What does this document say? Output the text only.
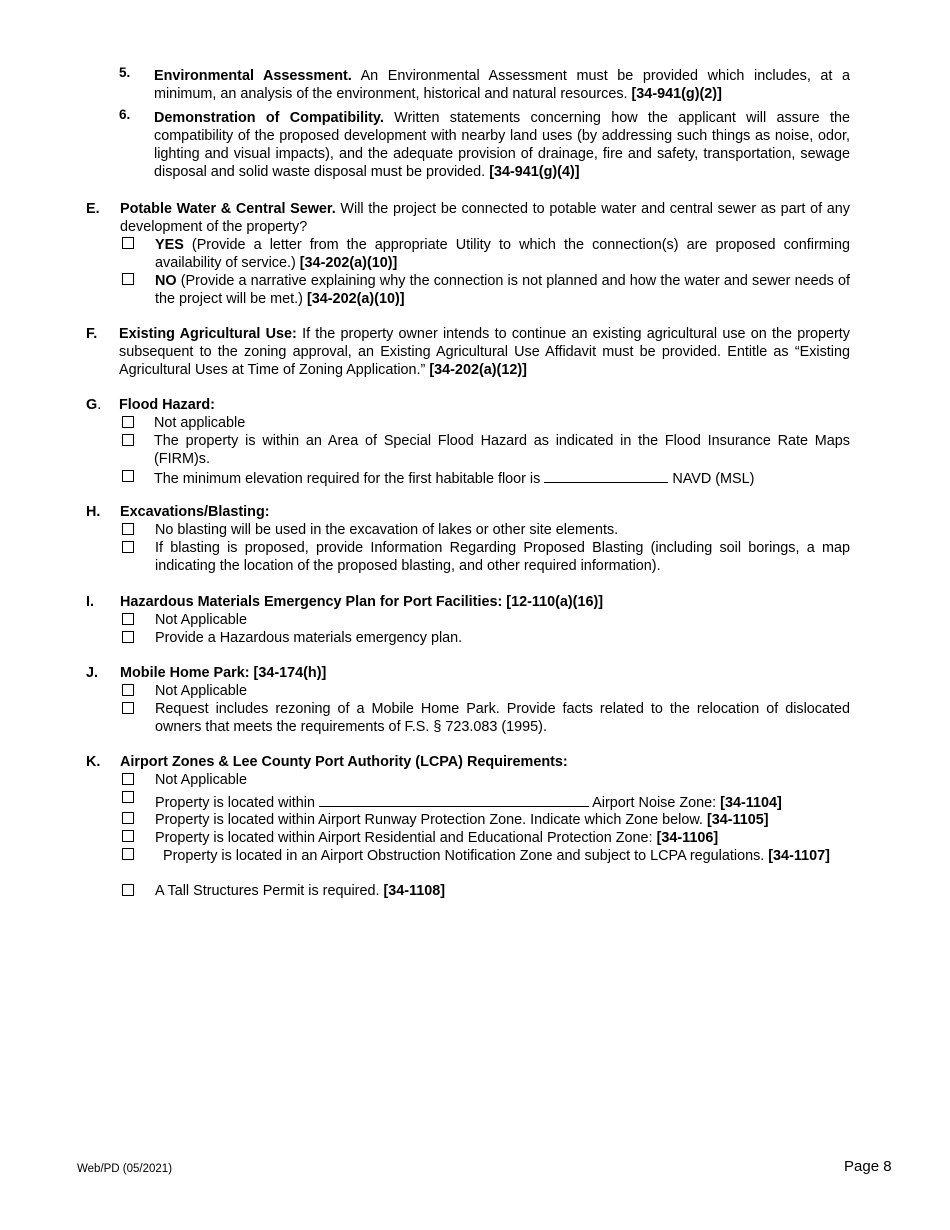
5. Environmental Assessment. An Environmental Assessment must be provided which includes, at a minimum, an analysis of the environment, historical and natural resources. [34-941(g)(2)]
6. Demonstration of Compatibility. Written statements concerning how the applicant will assure the compatibility of the proposed development with nearby land uses (by addressing such things as noise, odor, lighting and visual impacts), and the adequate provision of drainage, fire and safety, transportation, sewage disposal and solid waste disposal must be provided. [34-941(g)(4)]
E. Potable Water & Central Sewer. Will the project be connected to potable water and central sewer as part of any development of the property?
YES (Provide a letter from the appropriate Utility to which the connection(s) are proposed confirming availability of service.) [34-202(a)(10)]
NO (Provide a narrative explaining why the connection is not planned and how the water and sewer needs of the project will be met.) [34-202(a)(10)]
F. Existing Agricultural Use: If the property owner intends to continue an existing agricultural use on the property subsequent to the zoning approval, an Existing Agricultural Use Affidavit must be provided. Entitle as “Existing Agricultural Uses at Time of Zoning Application.” [34-202(a)(12)]
G. Flood Hazard:
Not applicable
The property is within an Area of Special Flood Hazard as indicated in the Flood Insurance Rate Maps (FIRM)s.
The minimum elevation required for the first habitable floor is	NAVD (MSL)
H. Excavations/Blasting:
No blasting will be used in the excavation of lakes or other site elements.
If blasting is proposed, provide Information Regarding Proposed Blasting (including soil borings, a map indicating the location of the proposed blasting, and other required information).
I. Hazardous Materials Emergency Plan for Port Facilities: [12-110(a)(16)]
Not Applicable
Provide a Hazardous materials emergency plan.
J. Mobile Home Park: [34-174(h)]
Not Applicable
Request includes rezoning of a Mobile Home Park. Provide facts related to the relocation of dislocated owners that meets the requirements of F.S. § 723.083 (1995).
K. Airport Zones & Lee County Port Authority (LCPA) Requirements:
Not Applicable
Property is located within	Airport Noise Zone: [34-1104]
Property is located within Airport Runway Protection Zone. Indicate which Zone below. [34-1105]
Property is located within Airport Residential and Educational Protection Zone: [34-1106]
Property is located in an Airport Obstruction Notification Zone and subject to LCPA regulations. [34-1107]
A Tall Structures Permit is required. [34-1108]
Web/PD (05/2021)	Page 8
